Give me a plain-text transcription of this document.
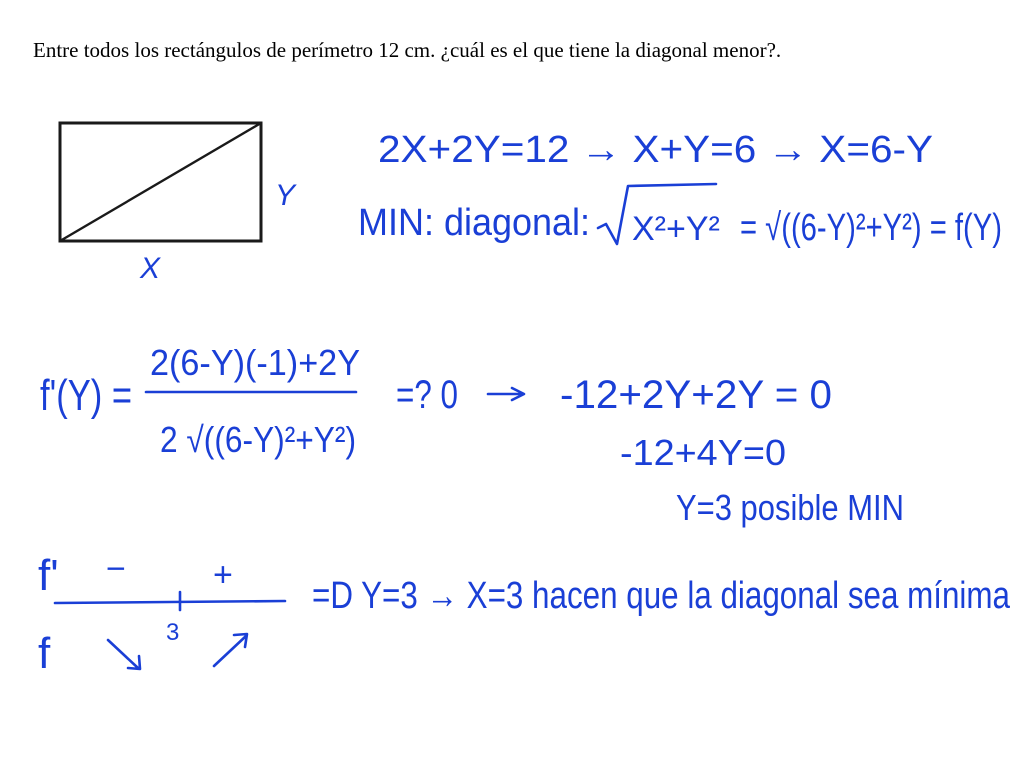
Entre todos los rectángulos de perímetro 12 cm. ¿cuál es el que tiene la diagonal menor?.
Y
X
2X+2Y=12 → X+Y=6 → X=6-Y
MIN: diagonal: X²+Y² = √((6-Y)²+Y²) = f(Y)
f'(Y) =
2(6-Y)(-1)+2Y
2 √((6-Y)²+Y²)
=? 0	-12+2Y+2Y = 0
-12+4Y=0
Y=3 posible MIN
f'
f
−	+
3
=D Y=3 → X=3 hacen que la diagonal sea mínima
